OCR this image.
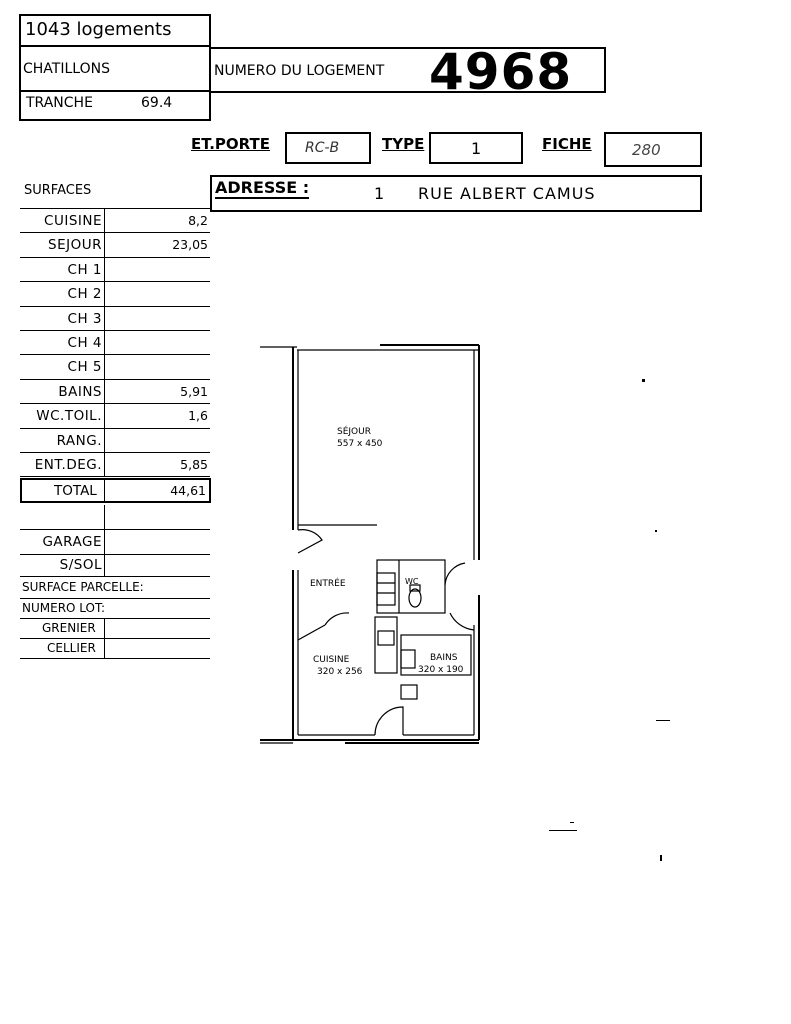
1043 logements
CHATILLONS
TRANCHE	69.4
NUMERO DU LOGEMENT 4968
ET.PORTE	RC-B	TYPE	1	FICHE	280
ADRESSE :	1 RUE ALBERT CAMUS
SURFACES
CUISINE	8,2
SEJOUR	23,05
CH 1
CH 2
CH 3
CH 4
CH 5
BAINS	5,91
WC.TOIL.	1,6
RANG.
ENT.DEG.	5,85
TOTAL	44,61
GARAGE
S/SOL
SURFACE PARCELLE:
NUMERO LOT:
GRENIER
CELLIER
SÉJOUR
557 x 450
ENTRÉE	WC
CUISINE
320 x 256
BAINS
320 x 190
